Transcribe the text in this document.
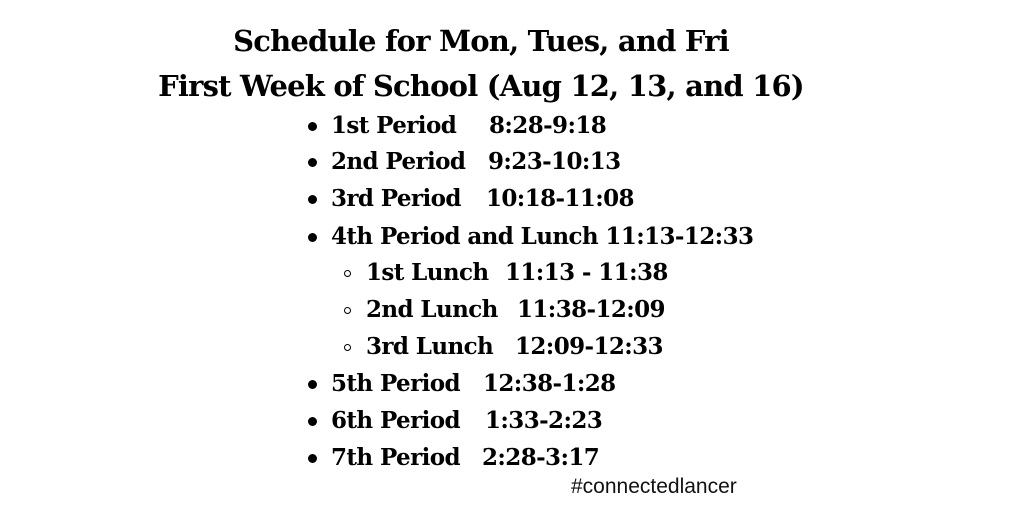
Schedule for Mon, Tues, and Fri
First Week of School (Aug 12, 13, and 16)
1st Period 8:28-9:18
2nd Period 9:23-10:13
3rd Period 10:18-11:08
4th Period and Lunch 11:13-12:33
1st Lunch 11:13 - 11:38
2nd Lunch 11:38-12:09
3rd Lunch 12:09-12:33
5th Period 12:38-1:28
6th Period 1:33-2:23
7th Period 2:28-3:17
#connectedlancer
